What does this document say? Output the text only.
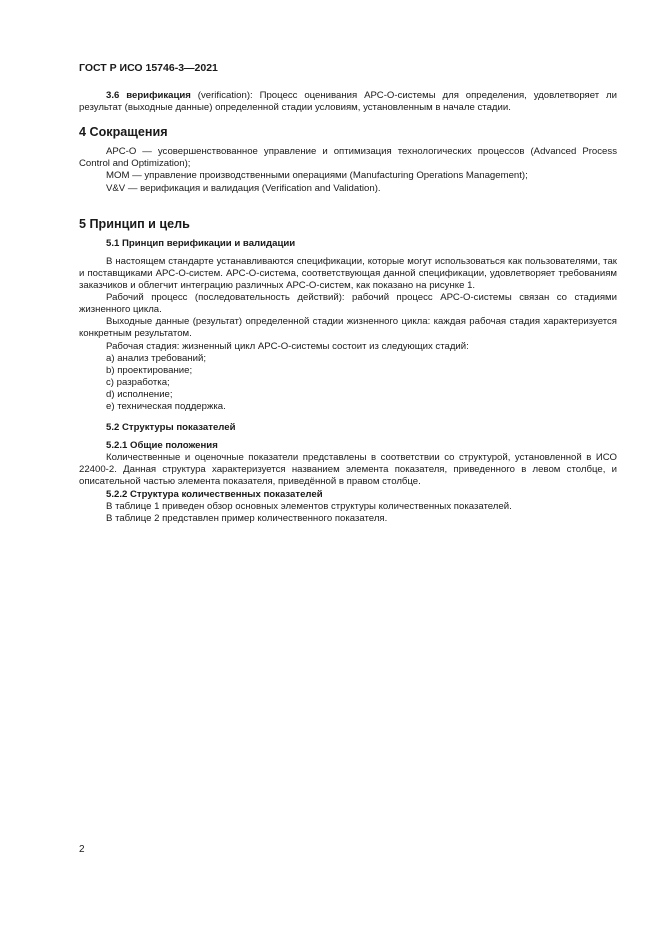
ГОСТ Р ИСО 15746-3—2021

3.6 верификация (verification): Процесс оценивания АРС-О-системы для определения, удовлетворяет ли результат (выходные данные) определенной стадии условиям, установленным в начале стадии.

4 Сокращения

АРС-О — усовершенствованное управление и оптимизация технологических процессов (Advanced Process Control and Optimization);

МОМ — управление производственными операциями (Manufacturing Operations Management);

V&V — верификация и валидация (Verification and Validation).

5 Принцип и цель
5.1 Принцип верификации и валидации

В настоящем стандарте устанавливаются спецификации, которые могут использоваться как пользователями, так и поставщиками АРС-О-систем. АРС-О-система, соответствующая данной спецификации, удовлетворяет требованиям заказчиков и облегчит интеграцию различных АРС-О-систем, как показано на рисунке 1.

Рабочий процесс (последовательность действий): рабочий процесс АРС-О-системы связан со стадиями жизненного цикла.

Выходные данные (результат) определенной стадии жизненного цикла: каждая рабочая стадия характеризуется конкретным результатом.

Рабочая стадия: жизненный цикл АРС-О-системы состоит из следующих стадий:

a) анализ требований;

b) проектирование;

c) разработка;

d) исполнение;

e) техническая поддержка.

5.2 Структуры показателей
5.2.1 Общие положения

Количественные и оценочные показатели представлены в соответствии со структурой, установленной в ИСО 22400-2. Данная структура характеризуется названием элемента показателя, приведенного в левом столбце, и описательной частью элемента показателя, приведённой в правом столбце.

5.2.2 Структура количественных показателей

В таблице 1 приведен обзор основных элементов структуры количественных показателей.

В таблице 2 представлен пример количественного показателя.

2
